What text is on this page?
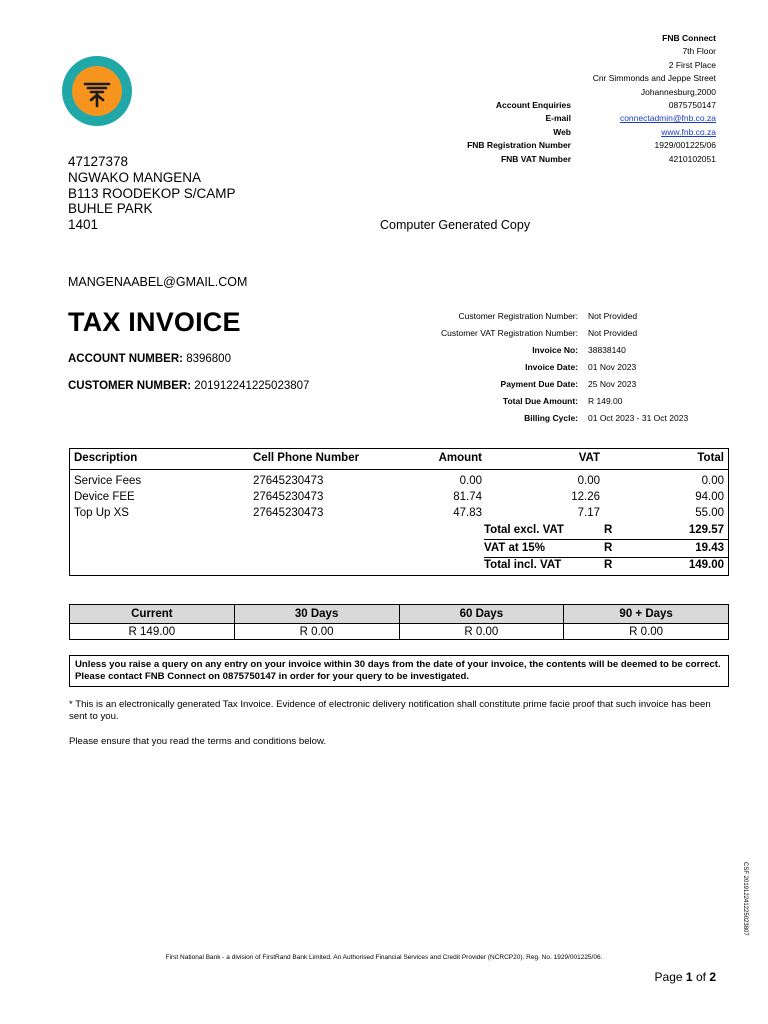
FNB Connect
7th Floor
2 First Place
Cnr Simmonds and Jeppe Street
Johannesburg,2000
Account Enquiries	0875750147
E-mail	connectadmin@fnb.co.za
Web	www.fnb.co.za
FNB Registration Number	1929/001225/06
FNB VAT Number	4210102051
47127378
NGWAKO MANGENA
B113 ROODEKOP S/CAMP
BUHLE PARK
1401	Computer Generated Copy
MANGENAABEL@GMAIL.COM
TAX INVOICE
ACCOUNT NUMBER: 8396800
CUSTOMER NUMBER: 201912241225023807
Customer Registration Number:	Not Provided
Customer VAT Registration Number:	Not Provided
Invoice No:	38838140
Invoice Date:	01 Nov 2023
Payment Due Date:	25 Nov 2023
Total Due Amount:	R 149.00
Billing Cycle:	01 Oct 2023 - 31 Oct 2023
Description	Cell Phone Number	Amount	VAT	Total
Service Fees	27645230473	0.00	0.00	0.00
Device FEE	27645230473	81.74	12.26	94.00
Top Up XS	27645230473	47.83	7.17	55.00
Total excl. VAT	R	129.57
VAT at 15%	R	19.43
Total incl. VAT	R	149.00
Current	30 Days	60 Days	90 + Days
R 149.00	R 0.00	R 0.00	R 0.00
Unless you raise a query on any entry on your invoice within 30 days from the date of your invoice, the contents will be deemed to be correct. Please contact FNB Connect on 0875750147 in order for your query to be investigated.
* This is an electronically generated Tax Invoice. Evidence of electronic delivery notification shall constitute prime facie proof that such invoice has been sent to you.
Please ensure that you read the terms and conditions below.
CSF 201912241225023807
First National Bank - a division of FirstRand Bank Limited. An Authorised Financial Services and Credit Provider (NCRCP20). Reg. No. 1929/001225/06.
Page 1 of 2
